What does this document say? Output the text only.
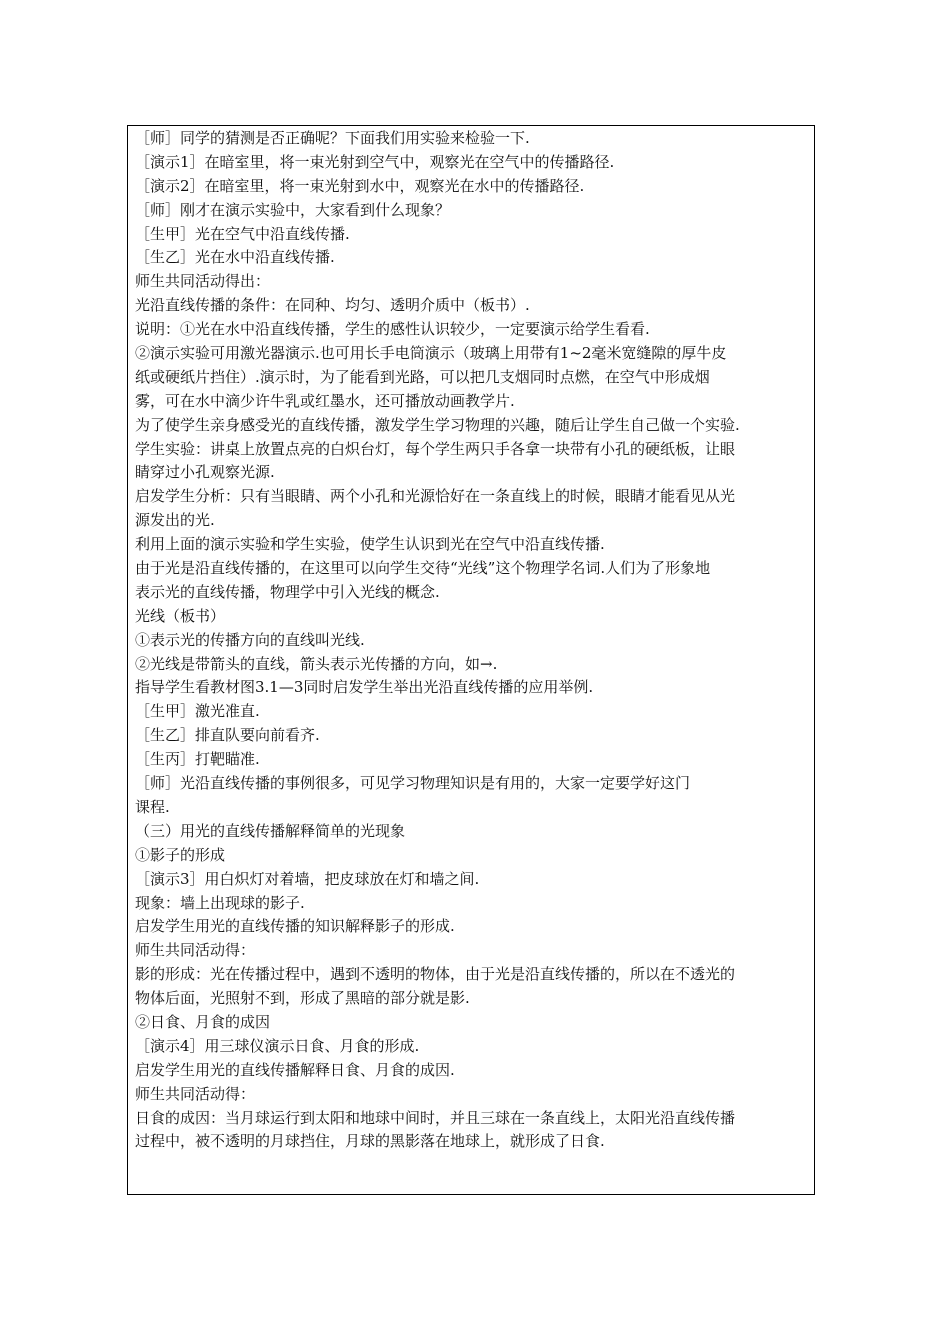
［师］同学的猜测是否正确呢？下面我们用实验来检验一下.
［演示1］在暗室里，将一束光射到空气中，观察光在空气中的传播路径.
［演示2］在暗室里，将一束光射到水中，观察光在水中的传播路径.
［师］刚才在演示实验中，大家看到什么现象？
［生甲］光在空气中沿直线传播.
［生乙］光在水中沿直线传播.
师生共同活动得出：
光沿直线传播的条件：在同种、均匀、透明介质中（板书）.
说明：①光在水中沿直线传播，学生的感性认识较少，一定要演示给学生看看.
②演示实验可用激光器演示.也可用长手电筒演示（玻璃上用带有1~2毫米宽缝隙的厚牛皮
纸或硬纸片挡住）.演示时，为了能看到光路，可以把几支烟同时点燃，在空气中形成烟
雾，可在水中滴少许牛乳或红墨水，还可播放动画教学片.
为了使学生亲身感受光的直线传播，激发学生学习物理的兴趣，随后让学生自己做一个实验.
学生实验：讲桌上放置点亮的白炽台灯，每个学生两只手各拿一块带有小孔的硬纸板，让眼
睛穿过小孔观察光源.
启发学生分析：只有当眼睛、两个小孔和光源恰好在一条直线上的时候，眼睛才能看见从光
源发出的光.
利用上面的演示实验和学生实验，使学生认识到光在空气中沿直线传播.
由于光是沿直线传播的，在这里可以向学生交待“光线”这个物理学名词.人们为了形象地
表示光的直线传播，物理学中引入光线的概念.
光线（板书）
①表示光的传播方向的直线叫光线.
②光线是带箭头的直线，箭头表示光传播的方向，如→.
指导学生看教材图3.1—3同时启发学生举出光沿直线传播的应用举例.
［生甲］激光准直.
［生乙］排直队要向前看齐.
［生丙］打靶瞄准.
［师］光沿直线传播的事例很多，可见学习物理知识是有用的，大家一定要学好这门
课程.
（三）用光的直线传播解释简单的光现象
①影子的形成
［演示3］用白炽灯对着墙，把皮球放在灯和墙之间.
现象：墙上出现球的影子.
启发学生用光的直线传播的知识解释影子的形成.
师生共同活动得：
影的形成：光在传播过程中，遇到不透明的物体，由于光是沿直线传播的，所以在不透光的
物体后面，光照射不到，形成了黑暗的部分就是影.
②日食、月食的成因
［演示4］用三球仪演示日食、月食的形成.
启发学生用光的直线传播解释日食、月食的成因.
师生共同活动得：
日食的成因：当月球运行到太阳和地球中间时，并且三球在一条直线上，太阳光沿直线传播
过程中，被不透明的月球挡住，月球的黑影落在地球上，就形成了日食.
